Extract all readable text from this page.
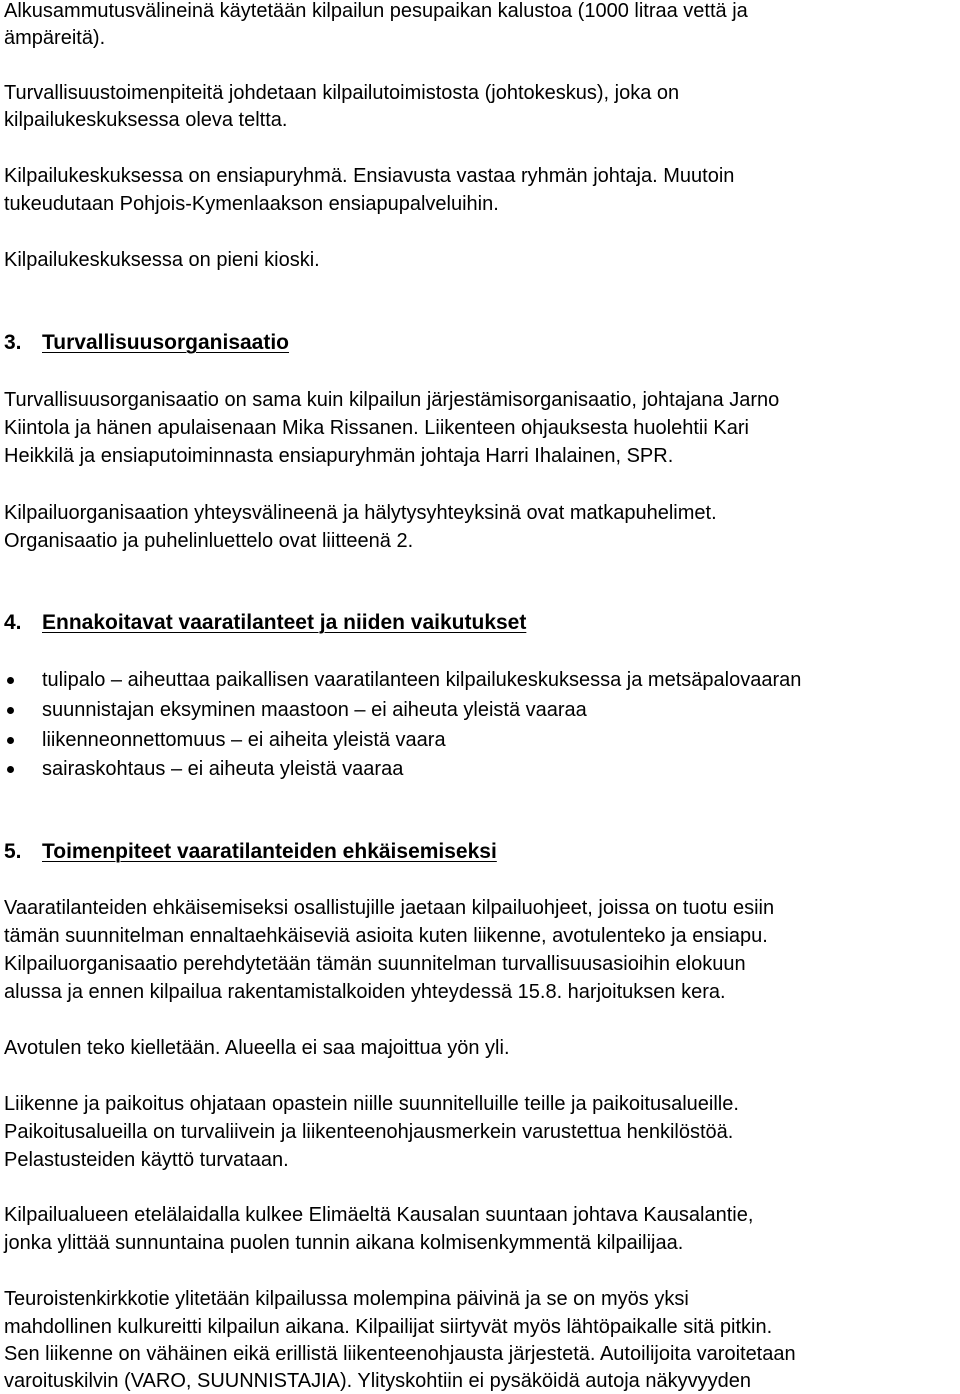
Alkusammutusvälineinä käytetään kilpailun pesupaikan kalustoa (1000 litraa vettä ja
ämpäreitä).
Turvallisuustoimenpiteitä johdetaan kilpailutoimistosta (johtokeskus), joka on
kilpailukeskuksessa oleva teltta.
Kilpailukeskuksessa on ensiapuryhmä. Ensiavusta vastaa ryhmän johtaja. Muutoin
tukeudutaan Pohjois-Kymenlaakson ensiapupalveluihin.
Kilpailukeskuksessa on pieni kioski.
3. Turvallisuusorganisaatio
Turvallisuusorganisaatio on sama kuin kilpailun järjestämisorganisaatio, johtajana Jarno
Kiintola ja hänen apulaisenaan Mika Rissanen. Liikenteen ohjauksesta huolehtii Kari
Heikkilä ja ensiaputoiminnasta ensiapuryhmän johtaja Harri Ihalainen, SPR.
Kilpailuorganisaation yhteysvälineenä ja hälytysyhteyksinä ovat matkapuhelimet.
Organisaatio ja puhelinluettelo ovat liitteenä 2.
4. Ennakoitavat vaaratilanteet ja niiden vaikutukset
tulipalo – aiheuttaa paikallisen vaaratilanteen kilpailukeskuksessa ja metsäpalovaaran
suunnistajan eksyminen maastoon – ei aiheuta yleistä vaaraa
liikenneonnettomuus – ei aiheita yleistä vaara
sairaskohtaus – ei aiheuta yleistä vaaraa
5. Toimenpiteet vaaratilanteiden ehkäisemiseksi
Vaaratilanteiden ehkäisemiseksi osallistujille jaetaan kilpailuohjeet, joissa on tuotu esiin
tämän suunnitelman ennaltaehkäiseviä asioita kuten liikenne, avotulenteko ja ensiapu.
Kilpailuorganisaatio perehdytetään tämän suunnitelman turvallisuusasioihin elokuun
alussa ja ennen kilpailua rakentamistalkoiden yhteydessä 15.8. harjoituksen kera.
Avotulen teko kielletään. Alueella ei saa majoittua yön yli.
Liikenne ja paikoitus ohjataan opastein niille suunnitelluille teille ja paikoitusalueille.
Paikoitusalueilla on turvaliivein ja liikenteenohjausmerkein varustettua henkilöstöä.
Pelastusteiden käyttö turvataan.
Kilpailualueen etelälaidalla kulkee Elimäeltä Kausalan suuntaan johtava Kausalantie,
jonka ylittää sunnuntaina puolen tunnin aikana kolmisenkymmentä kilpailijaa.
Teuroistenkirkkotie ylitetään kilpailussa molempina päivinä ja se on myös yksi
mahdollinen kulkureitti kilpailun aikana. Kilpailijat siirtyvät myös lähtöpaikalle sitä pitkin.
Sen liikenne on vähäinen eikä erillistä liikenteenohjausta järjestetä. Autoilijoita varoitetaan
varoituskilvin (VARO, SUUNNISTAJIA). Ylityskohtiin ei pysäköidä autoja näkyvyyden
